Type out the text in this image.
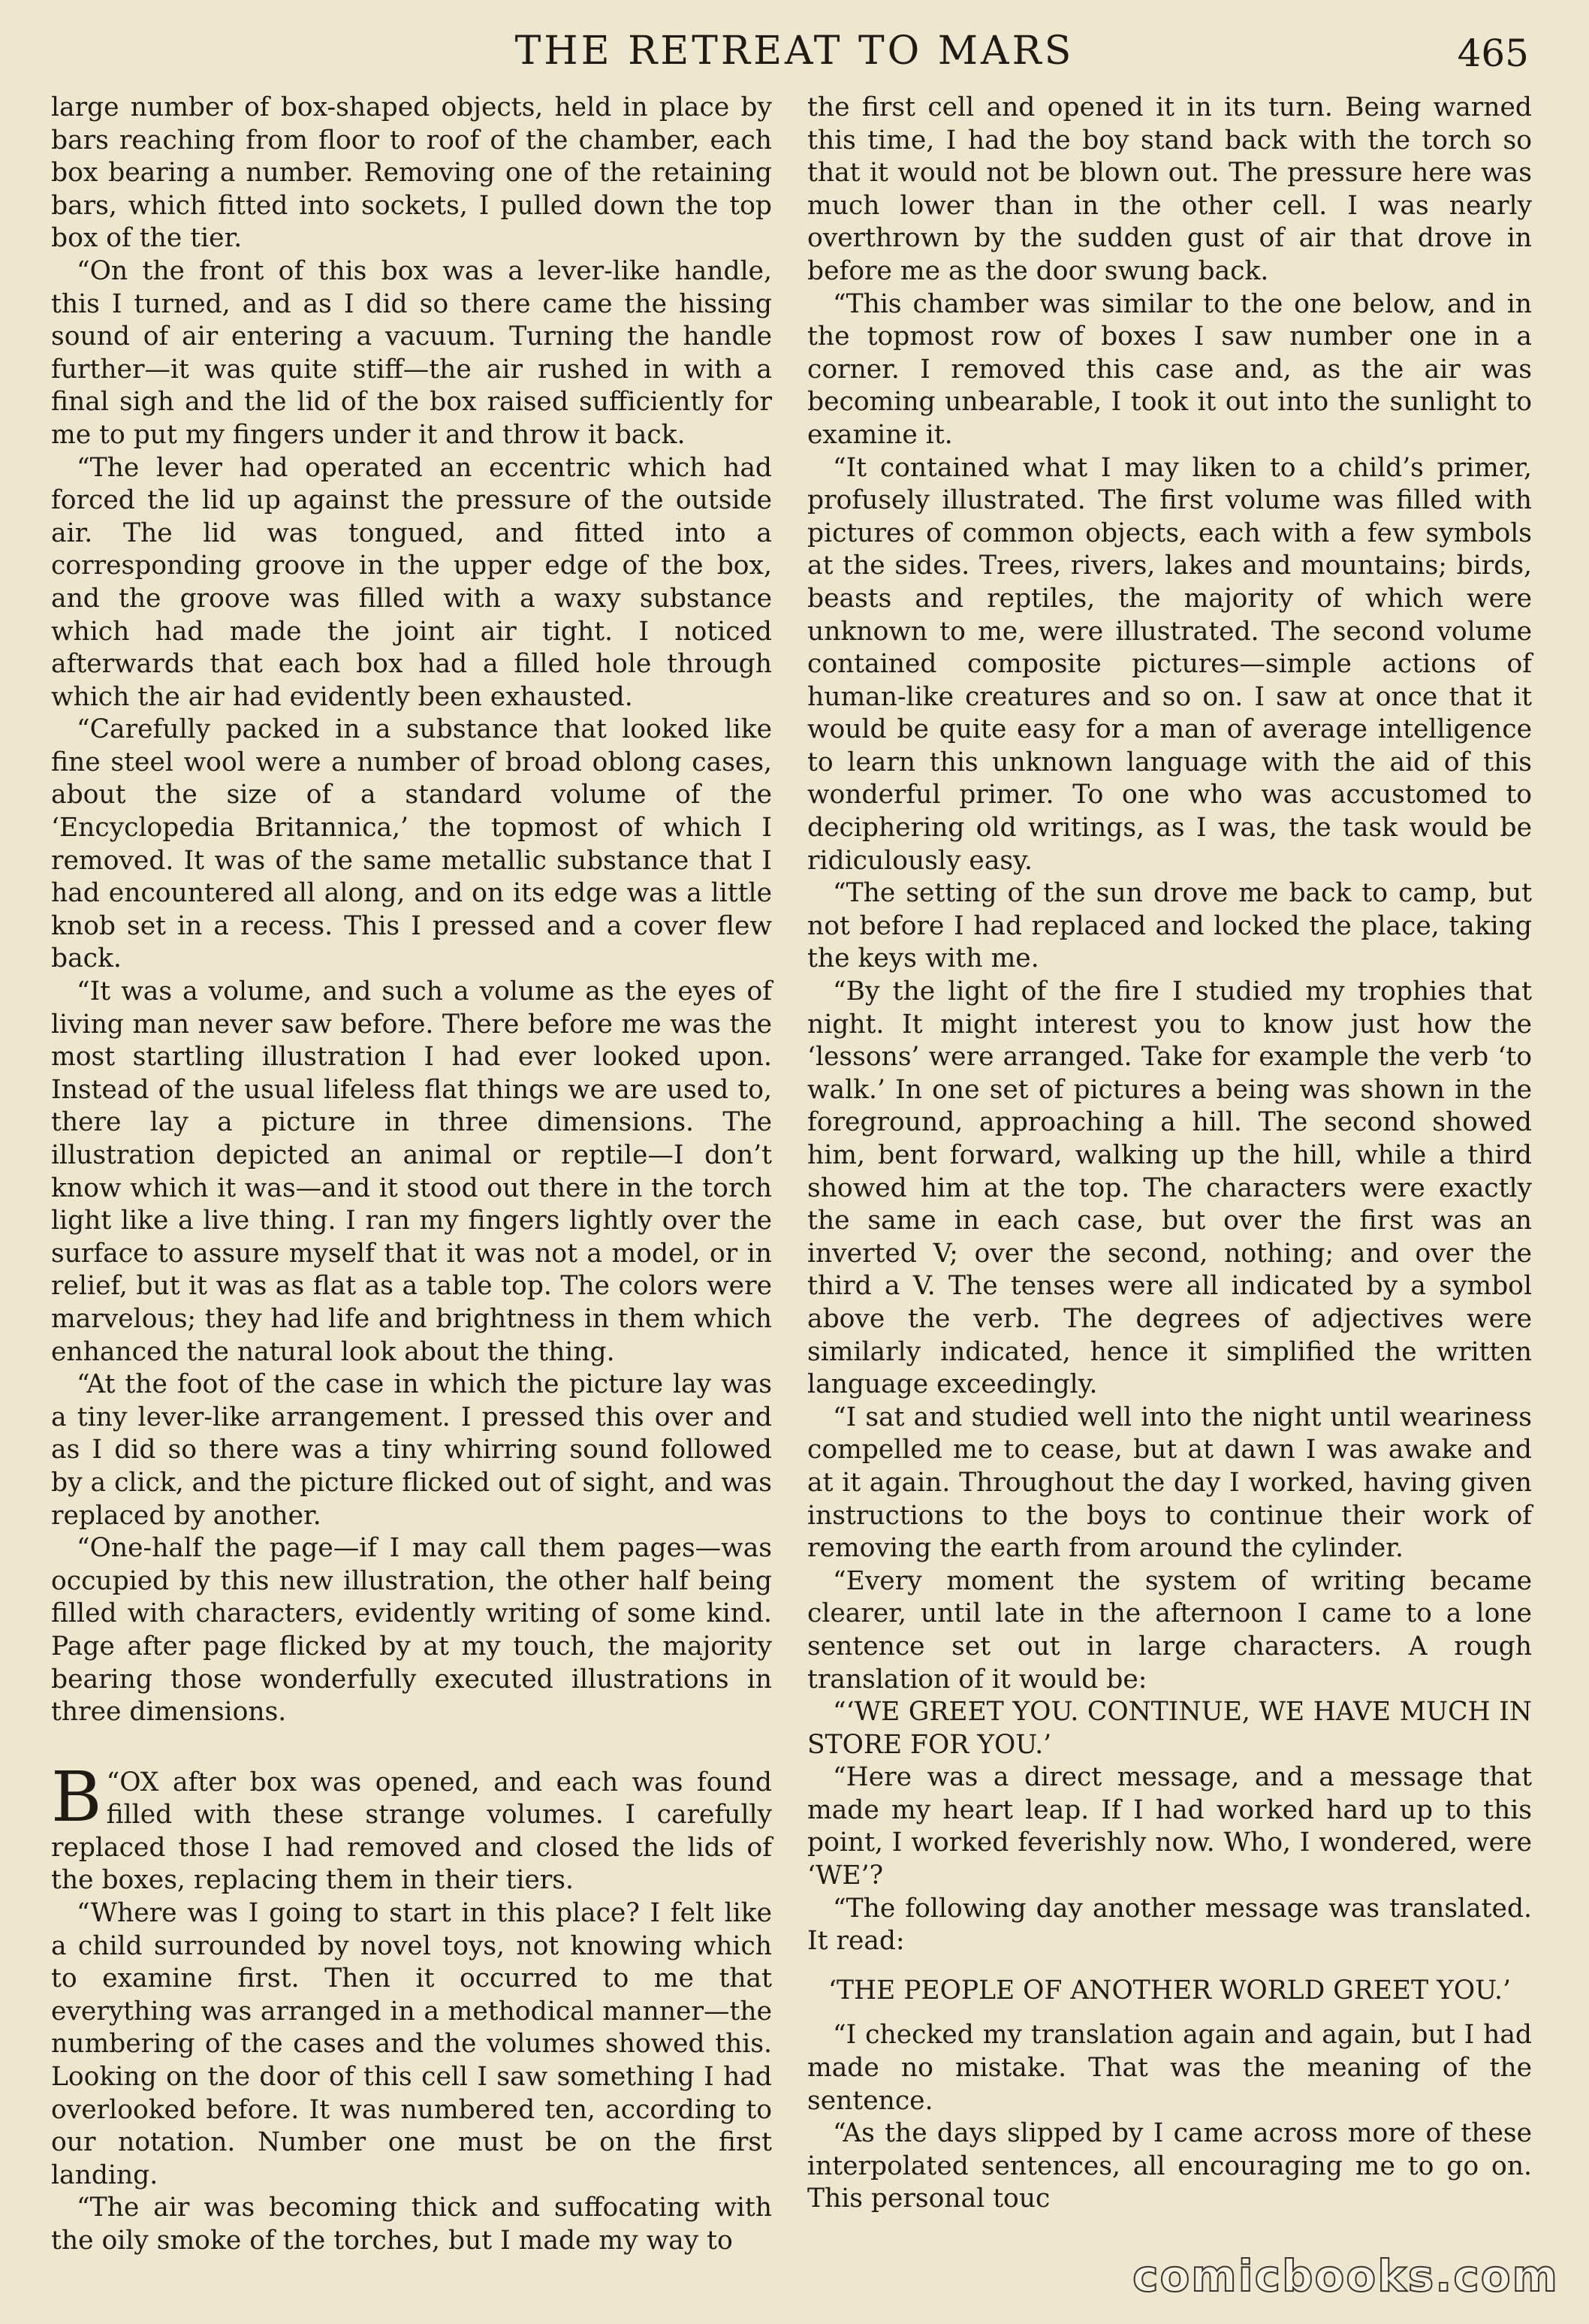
THE RETREAT TO MARS	465

large number of box-shaped objects, held in place by bars reaching from floor to roof of the chamber, each box bearing a number. Removing one of the retaining bars, which fitted into sockets, I pulled down the top box of the tier.

“On the front of this box was a lever-like handle, this I turned, and as I did so there came the hissing sound of air entering a vacuum. Turning the handle further—it was quite stiff—the air rushed in with a final sigh and the lid of the box raised sufficiently for me to put my fingers under it and throw it back.

“The lever had operated an eccentric which had forced the lid up against the pressure of the outside air. The lid was tongued, and fitted into a corresponding groove in the upper edge of the box, and the groove was filled with a waxy substance which had made the joint air tight. I noticed afterwards that each box had a filled hole through which the air had evidently been exhausted.

“Carefully packed in a substance that looked like fine steel wool were a number of broad oblong cases, about the size of a standard volume of the ‘Encyclopedia Britannica,’ the topmost of which I removed. It was of the same metallic substance that I had encountered all along, and on its edge was a little knob set in a recess. This I pressed and a cover flew back.

“It was a volume, and such a volume as the eyes of living man never saw before. There before me was the most startling illustration I had ever looked upon. Instead of the usual lifeless flat things we are used to, there lay a picture in three dimensions. The illustration depicted an animal or reptile—I don’t know which it was—and it stood out there in the torch light like a live thing. I ran my fingers lightly over the surface to assure myself that it was not a model, or in relief, but it was as flat as a table top. The colors were marvelous; they had life and brightness in them which enhanced the natural look about the thing.

“At the foot of the case in which the picture lay was a tiny lever-like arrangement. I pressed this over and as I did so there was a tiny whirring sound followed by a click, and the picture flicked out of sight, and was replaced by another.

“One-half the page—if I may call them pages—was occupied by this new illustration, the other half being filled with characters, evidently writing of some kind. Page after page flicked by at my touch, the majority bearing those wonderfully executed illustrations in three dimensions.

“
B OX after box was opened, and each was found filled with these strange volumes. I carefully replaced those I had removed and closed the lids of the boxes, replacing them in their tiers.

“Where was I going to start in this place? I felt like a child surrounded by novel toys, not knowing which to examine first. Then it occurred to me that everything was arranged in a methodical manner—the numbering of the cases and the volumes showed this. Looking on the door of this cell I saw something I had overlooked before. It was numbered ten, according to our notation. Number one must be on the first landing.

“The air was becoming thick and suffocating with the oily smoke of the torches, but I made my way to

the first cell and opened it in its turn. Being warned this time, I had the boy stand back with the torch so that it would not be blown out. The pressure here was much lower than in the other cell. I was nearly overthrown by the sudden gust of air that drove in before me as the door swung back.

“This chamber was similar to the one below, and in the topmost row of boxes I saw number one in a corner. I removed this case and, as the air was becoming unbearable, I took it out into the sunlight to examine it.

“It contained what I may liken to a child’s primer, profusely illustrated. The first volume was filled with pictures of common objects, each with a few symbols at the sides. Trees, rivers, lakes and mountains; birds, beasts and reptiles, the majority of which were unknown to me, were illustrated. The second volume contained composite pictures—simple actions of human-like creatures and so on. I saw at once that it would be quite easy for a man of average intelligence to learn this unknown language with the aid of this wonderful primer. To one who was accustomed to deciphering old writings, as I was, the task would be ridiculously easy.

“The setting of the sun drove me back to camp, but not before I had replaced and locked the place, taking the keys with me.

“By the light of the fire I studied my trophies that night. It might interest you to know just how the ‘lessons’ were arranged. Take for example the verb ‘to walk.’ In one set of pictures a being was shown in the foreground, approaching a hill. The second showed him, bent forward, walking up the hill, while a third showed him at the top. The characters were exactly the same in each case, but over the first was an inverted V; over the second, nothing; and over the third a V. The tenses were all indicated by a symbol above the verb. The degrees of adjectives were similarly indicated, hence it simplified the written language exceedingly.

“I sat and studied well into the night until weariness compelled me to cease, but at dawn I was awake and at it again. Throughout the day I worked, having given instructions to the boys to continue their work of removing the earth from around the cylinder.

“Every moment the system of writing became clearer, until late in the afternoon I came to a lone sentence set out in large characters. A rough translation of it would be:

“‘WE GREET YOU. CONTINUE, WE HAVE MUCH IN STORE FOR YOU.’

“Here was a direct message, and a message that made my heart leap. If I had worked hard up to this point, I worked feverishly now. Who, I wondered, were ‘WE’?

“The following day another message was translated. It read:

‘THE PEOPLE OF ANOTHER WORLD GREET YOU.’

“I checked my translation again and again, but I had made no mistake. That was the meaning of the sentence.

“As the days slipped by I came across more of these interpolated sentences, all encouraging me to go on. This personal touc

comicbooks.com
